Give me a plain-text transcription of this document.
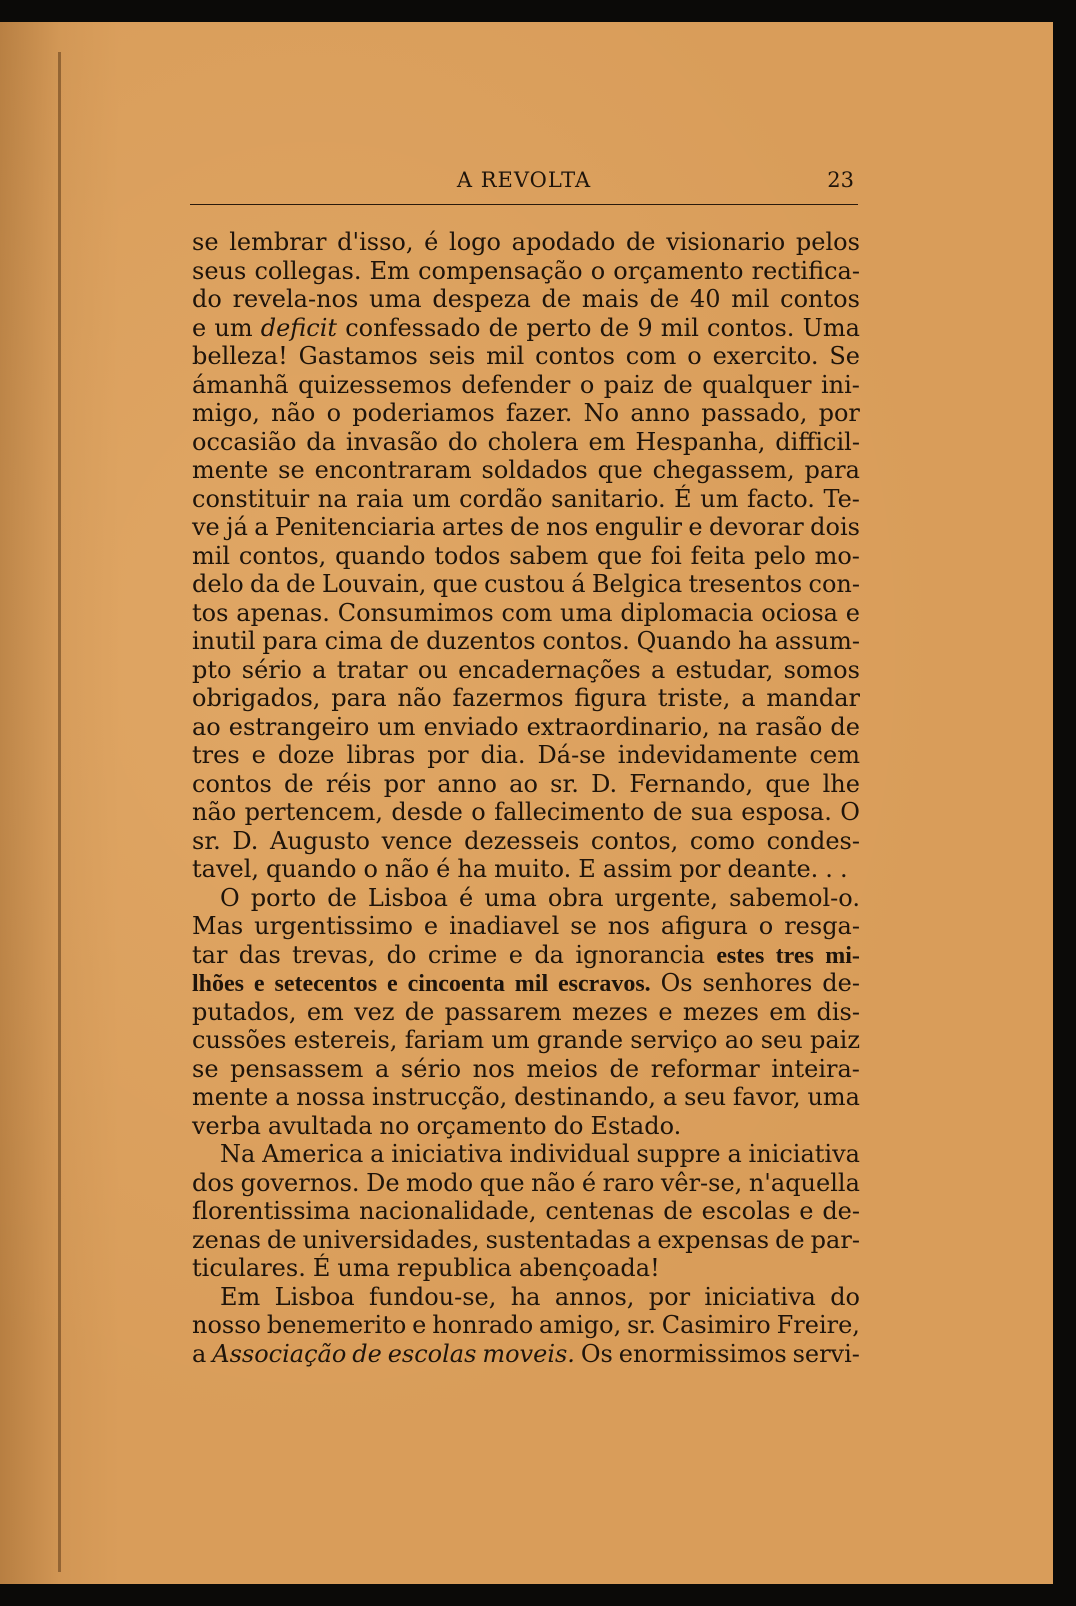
A REVOLTA	23
se lembrar d'isso, é logo apodado de visionario pelos
seus collegas. Em compensação o orçamento rectifica-
do revela-nos uma despeza de mais de 40 mil contos
e um deficit confessado de perto de 9 mil contos. Uma
belleza! Gastamos seis mil contos com o exercito. Se
ámanhã quizessemos defender o paiz de qualquer ini-
migo, não o poderiamos fazer. No anno passado, por
occasião da invasão do cholera em Hespanha, difficil-
mente se encontraram soldados que chegassem, para
constituir na raia um cordão sanitario. É um facto. Te-
ve já a Penitenciaria artes de nos engulir e devorar dois
mil contos, quando todos sabem que foi feita pelo mo-
delo da de Louvain, que custou á Belgica tresentos con-
tos apenas. Consumimos com uma diplomacia ociosa e
inutil para cima de duzentos contos. Quando ha assum-
pto sério a tratar ou encadernações a estudar, somos
obrigados, para não fazermos figura triste, a mandar
ao estrangeiro um enviado extraordinario, na rasão de
tres e doze libras por dia. Dá-se indevidamente cem
contos de réis por anno ao sr. D. Fernando, que lhe
não pertencem, desde o fallecimento de sua esposa. O
sr. D. Augusto vence dezesseis contos, como condes-
tavel, quando o não é ha muito. E assim por deante. . .
O porto de Lisboa é uma obra urgente, sabemol-o.
Mas urgentissimo e inadiavel se nos afigura o resga-
tar das trevas, do crime e da ignorancia estes tres mi-
lhões e setecentos e cincoenta mil escravos. Os senhores de-
putados, em vez de passarem mezes e mezes em dis-
cussões estereis, fariam um grande serviço ao seu paiz
se pensassem a sério nos meios de reformar inteira-
mente a nossa instrucção, destinando, a seu favor, uma
verba avultada no orçamento do Estado.
Na America a iniciativa individual suppre a iniciativa
dos governos. De modo que não é raro vêr-se, n'aquella
florentissima nacionalidade, centenas de escolas e de-
zenas de universidades, sustentadas a expensas de par-
ticulares. É uma republica abençoada!
Em Lisboa fundou-se, ha annos, por iniciativa do
nosso benemerito e honrado amigo, sr. Casimiro Freire,
a Associação de escolas moveis. Os enormissimos servi-
